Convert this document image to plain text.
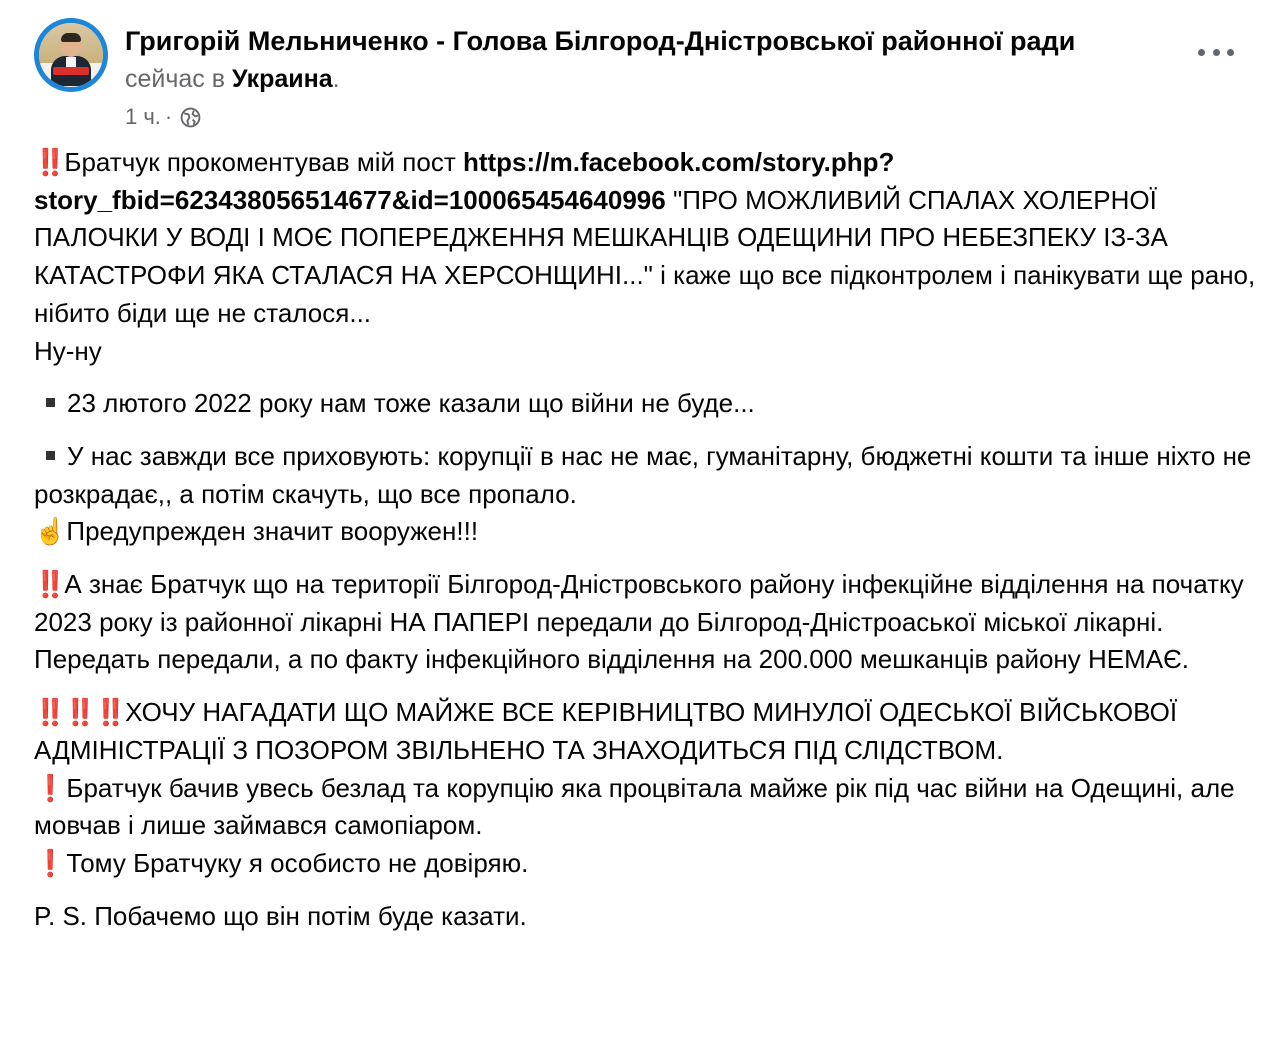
Григорій Мельниченко - Голова Білгород-Дністровської районної ради
сейчас в Украина.
1 ч. ·

‼️Братчук прокоментував мій пост https://m.facebook.com/story.php?story_fbid=623438056514677&id=100065454640996 "ПРО МОЖЛИВИЙ СПАЛАХ ХОЛЕРНОЇ ПАЛОЧКИ У ВОДІ І МОЄ ПОПЕРЕДЖЕННЯ МЕШКАНЦІВ ОДЕЩИНИ ПРО НЕБЕЗПЕКУ ІЗ-ЗА КАТАСТРОФИ ЯКА СТАЛАСЯ НА ХЕРСОНЩИНІ..." і каже що все підконтролем і панікувати ще рано, нібито біди ще не сталося...

Ну-ну

23 лютого 2022 року нам тоже казали що війни не буде...

У нас завжди все приховують: корупції в нас не має, гуманітарну, бюджетні кошти та інше ніхто не розкрадає,, а потім скачуть, що все пропало.

☝️Предупрежден значит вооружен!!!

‼️А знає Братчук що на території Білгород-Дністровського району інфекційне відділення на початку 2023 року із районної лікарні НА ПАПЕРІ передали до Білгород-Дністроаської міської лікарні.

Передать передали, а по факту інфекційного відділення на 200.000 мешканців району НЕМАЄ.

‼️‼️‼️ХОЧУ НАГАДАТИ ЩО МАЙЖЕ ВСЕ КЕРІВНИЦТВО МИНУЛОЇ ОДЕСЬКОЇ ВІЙСЬКОВОЇ АДМІНІСТРАЦІЇ З ПОЗОРОМ ЗВІЛЬНЕНО ТА ЗНАХОДИТЬСЯ ПІД СЛІДСТВОМ.

❗Братчук бачив увесь безлад та корупцію яка процвітала майже рік під час війни на Одещині, але мовчав і лише займався самопіаром.

❗Тому Братчуку я особисто не довіряю.

P. S. Побачемо що він потім буде казати.
